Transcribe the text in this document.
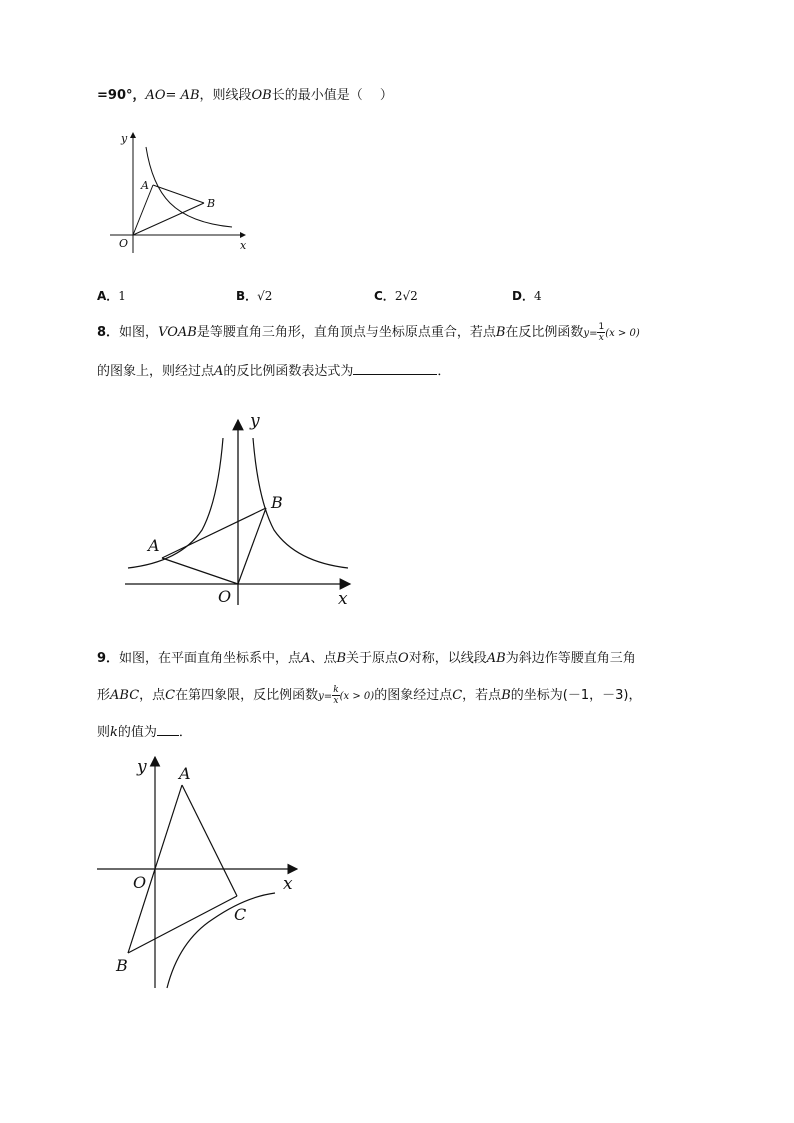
=90°，AO= AB，则线段OB长的最小值是（　 ）
y
x
O
A
B
A．1	B．√2	C．2√2	D．4
8．如图，VOAB是等腰直角三角形，直角顶点与坐标原点重合，若点B在反比例函数$y= \frac{1}{x} (x > 0)$
的图象上，则经过点A的反比例函数表达式为	．
y
x
O
A
B
9．如图，在平面直角坐标系中，点A、点B关于原点O对称，以线段AB为斜边作等腰直角三角
形ABC，点C在第四象限，反比例函数$y= \frac{k}{x} (x > 0)$的图象经过点C，若点B的坐标为(－1，－3)，
则k的值为 ．
y
x
O
A
B
C
